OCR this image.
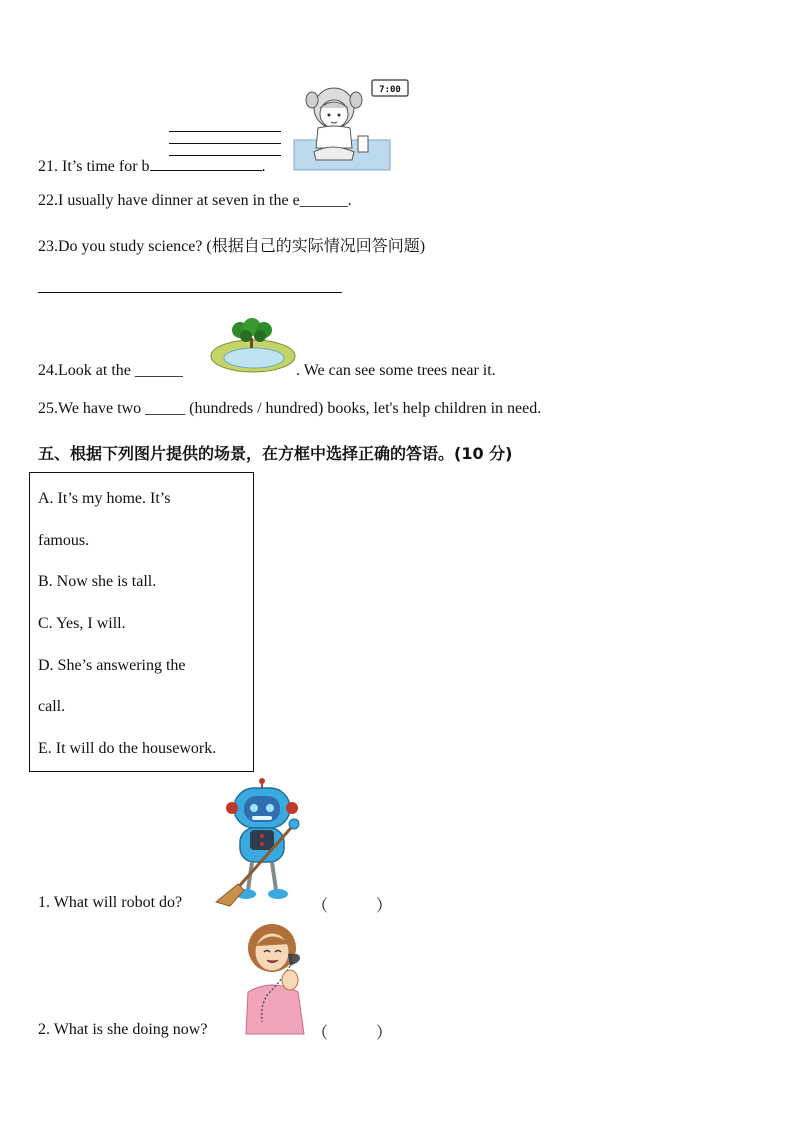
21. It’s time for b	.
7:00
22.I usually have dinner at seven in the e______.
23.Do you study science? (根据自己的实际情况回答问题)
24.Look at the ______	. We can see some trees near it.
25.We have two _____ (hundreds / hundred) books, let's help children in need.
五、根据下列图片提供的场景，在方框中选择正确的答语。(10 分)
A. It’s my home. It’s
famous.
B. Now she is tall.
C. Yes, I will.
D. She’s answering the
call.
E. It will do the housework.
1. What will robot do?	（	）
2. What is she doing now?	（	）
